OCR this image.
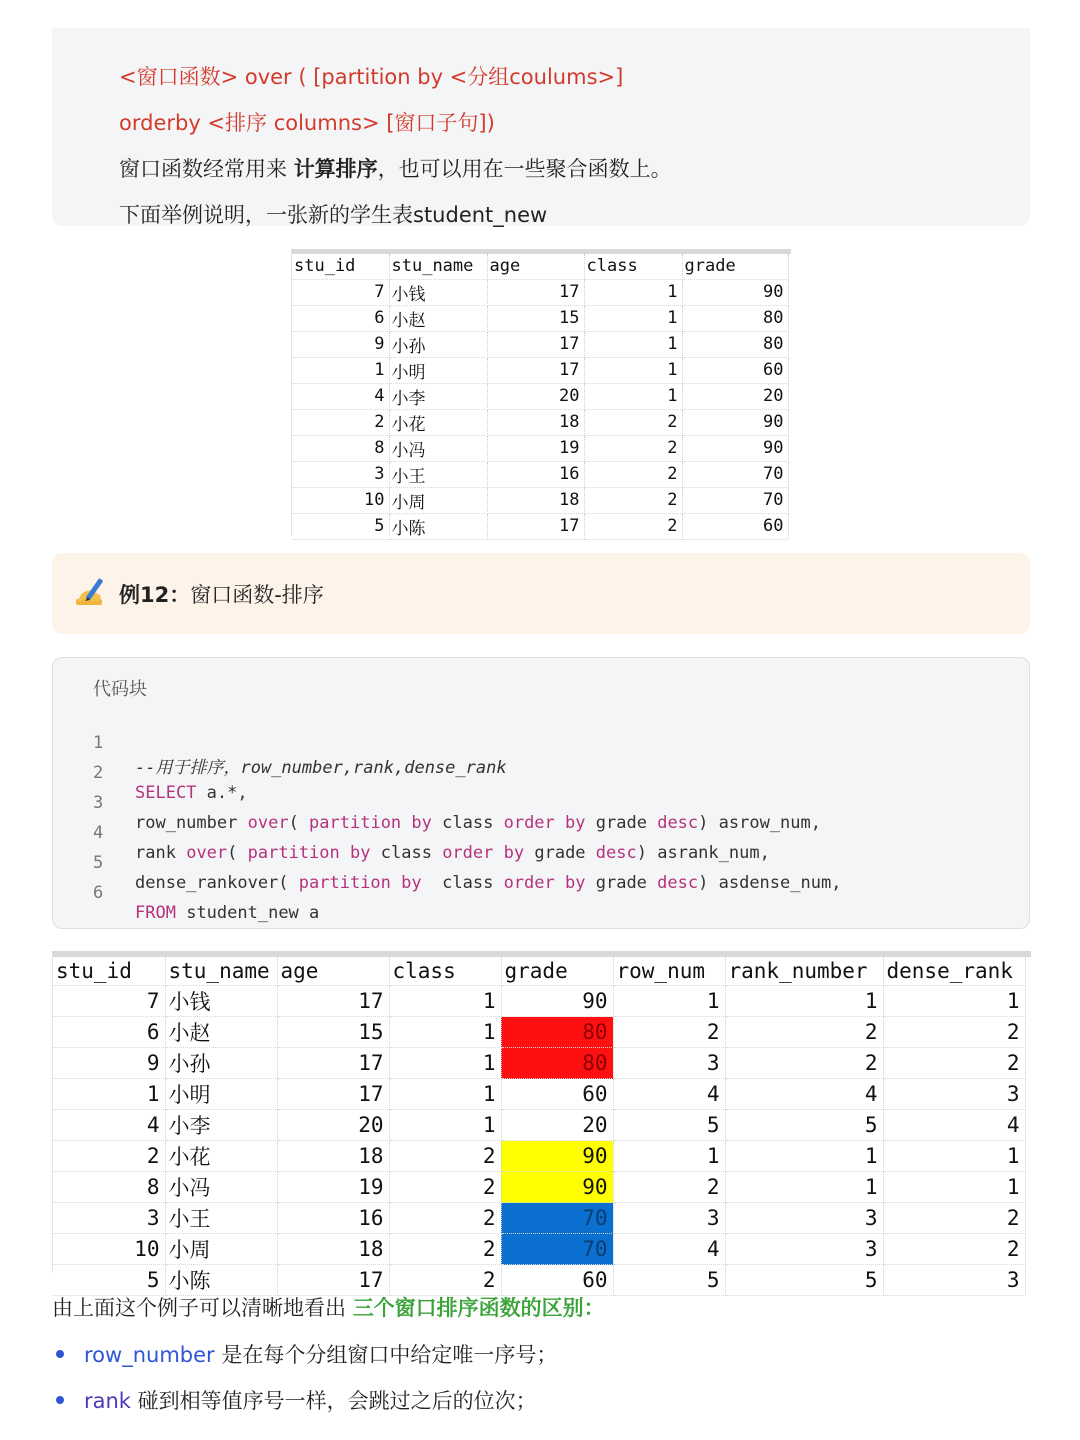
<窗口函数> over ( [partition by <分组coulums>]

orderby <排序 columns> [窗口子句])

窗口函数经常用来 计算排序，也可以用在一些聚合函数上。

下面举例说明，一张新的学生表student_new

stu_id	stu_name	age	class	grade
7	小钱	17	1	90
6	小赵	15	1	80
9	小孙	17	1	80
1	小明	17	1	60
4	小李	20	1	20
2	小花	18	2	90
8	小冯	19	2	90
3	小王	16	2	70
10	小周	18	2	70
5	小陈	17	2	60
例12：窗口函数-排序
代码块

1

--用于排序，row_number,rank,dense_rank

2

SELECT a.*,

3

row_number over( partition by class order by grade desc) asrow_num,

4

rank over( partition by class order by grade desc) asrank_num,

5

dense_rankover( partition by class order by grade desc) asdense_num,

6

FROM student_new a

stu_id	stu_name	age	class	grade	row_num	rank_number	dense_rank
7	小钱	17	1	90	1	1	1
6	小赵	15	1	80	2	2	2
9	小孙	17	1	80	3	2	2
1	小明	17	1	60	4	4	3
4	小李	20	1	20	5	5	4
2	小花	18	2	90	1	1	1
8	小冯	19	2	90	2	1	1
3	小王	16	2	70	3	3	2
10	小周	18	2	70	4	3	2
5	小陈	17	2	60	5	5	3
由上面这个例子可以清晰地看出 三个窗口排序函数的区别：
row_number 是在每个分组窗口中给定唯一序号；
rank 碰到相等值序号一样，会跳过之后的位次；
